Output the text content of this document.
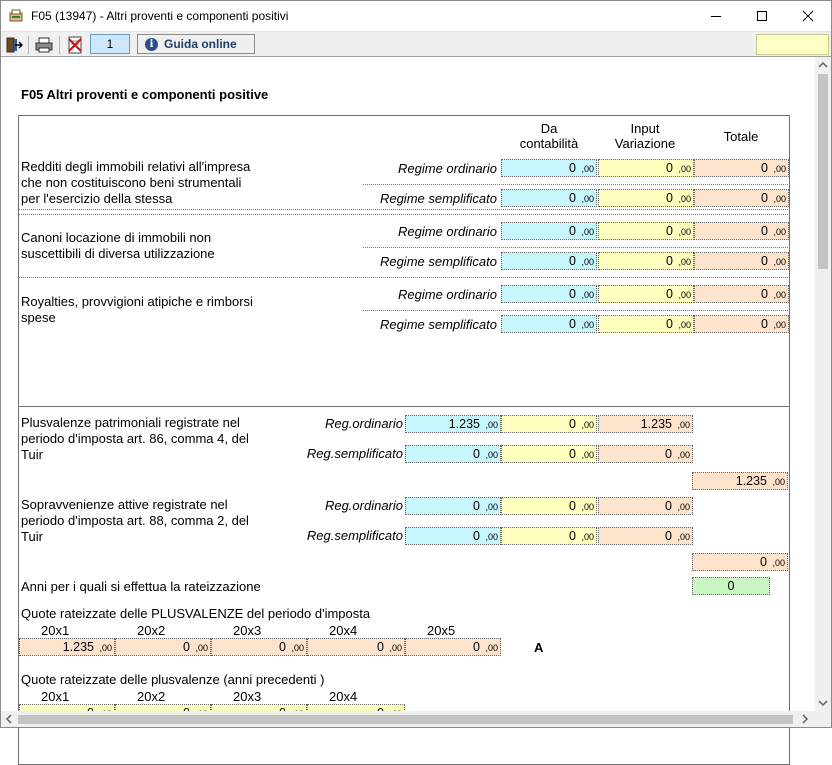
F05 (13947) - Altri proventi e componenti positivi
1	i Guida online
F05 Altri proventi e componenti positive
Da
contabilità
Input
Variazione	Totale
Redditi degli immobili relativi all'impresa
che non costituiscono beni strumentali
per l'esercizio della stessa
Regime ordinario	0 ,00	0 ,00	0 ,00
Regime semplificato	0 ,00	0 ,00	0 ,00
Canoni locazione di immobili non
suscettibili di diversa utilizzazione
Regime ordinario	0 ,00	0 ,00	0 ,00
Regime semplificato	0 ,00	0 ,00	0 ,00
Royalties, provvigioni atipiche e rimborsi
spese
Regime ordinario	0 ,00	0 ,00	0 ,00
Regime semplificato	0 ,00	0 ,00	0 ,00
Plusvalenze patrimoniali registrate nel
periodo d'imposta art. 86, comma 4, del
Tuir
Reg.ordinario	1.235 ,00	0 ,00	1.235 ,00
Reg.semplificato	0 ,00	0 ,00	0 ,00
1.235 ,00
Sopravvenienze attive registrate nel
periodo d'imposta art. 88, comma 2, del
Tuir
Reg.ordinario	0 ,00	0 ,00	0 ,00
Reg.semplificato	0 ,00	0 ,00	0 ,00
0 ,00
Anni per i quali si effettua la rateizzazione	0
Quote rateizzate delle PLUSVALENZE del periodo d'imposta
20x1	20x2	20x3	20x4	20x5
1.235 ,00	0 ,00	0 ,00	0 ,00	0 ,00	A
Quote rateizzate delle plusvalenze (anni precedenti )
20x1	20x2	20x3	20x4
